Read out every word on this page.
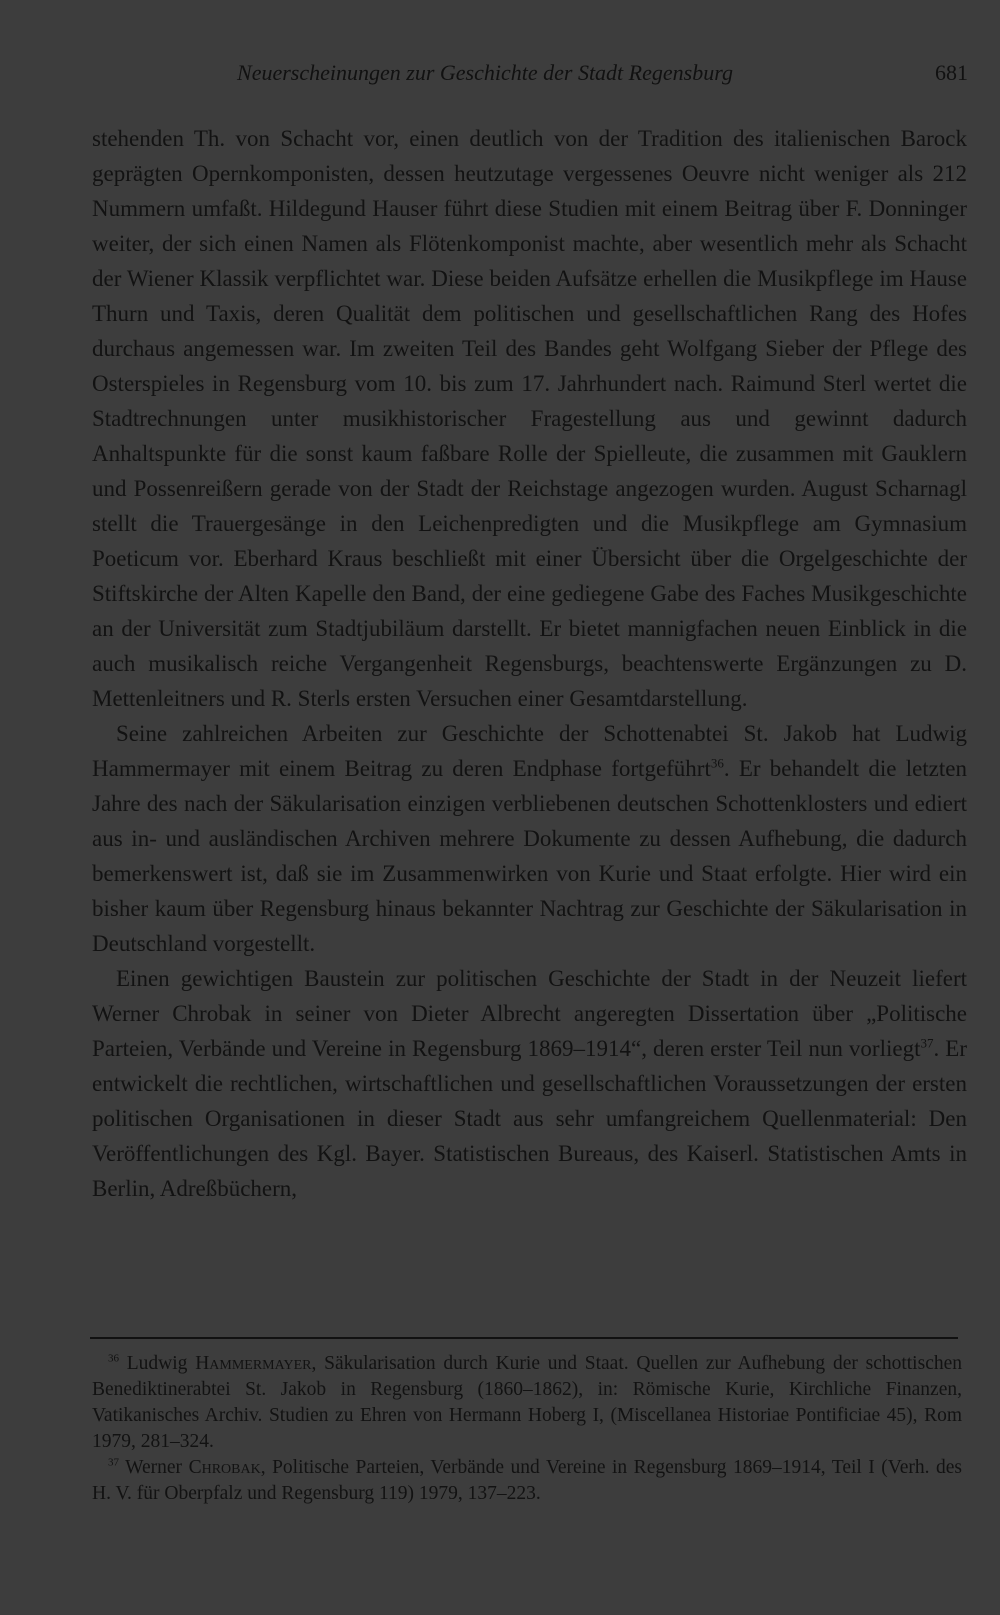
Neuerscheinungen zur Geschichte der Stadt Regensburg	681

stehenden Th. von Schacht vor, einen deutlich von der Tradition des italienischen Barock geprägten Opernkomponisten, dessen heutzutage vergessenes Oeuvre nicht weniger als 212 Nummern umfaßt. Hildegund Hauser führt diese Studien mit einem Beitrag über F. Donninger weiter, der sich einen Namen als Flötenkomponist machte, aber wesentlich mehr als Schacht der Wiener Klassik verpflichtet war. Diese beiden Aufsätze erhellen die Musikpflege im Hause Thurn und Taxis, deren Qualität dem politischen und gesellschaftlichen Rang des Hofes durchaus angemessen war. Im zweiten Teil des Bandes geht Wolfgang Sieber der Pflege des Osterspieles in Regensburg vom 10. bis zum 17. Jahrhundert nach. Raimund Sterl wertet die Stadtrechnungen unter musikhistorischer Fragestellung aus und gewinnt dadurch Anhaltspunkte für die sonst kaum faßbare Rolle der Spielleute, die zusammen mit Gauklern und Possenreißern gerade von der Stadt der Reichstage angezogen wurden. August Scharnagl stellt die Trauergesänge in den Leichenpredigten und die Musikpflege am Gymnasium Poeticum vor. Eberhard Kraus beschließt mit einer Übersicht über die Orgelgeschichte der Stiftskirche der Alten Kapelle den Band, der eine gediegene Gabe des Faches Musikgeschichte an der Universität zum Stadtjubiläum darstellt. Er bietet mannigfachen neuen Einblick in die auch musikalisch reiche Vergangenheit Regensburgs, beachtenswerte Ergänzungen zu D. Mettenleitners und R. Sterls ersten Versuchen einer Gesamtdarstellung.

Seine zahlreichen Arbeiten zur Geschichte der Schottenabtei St. Jakob hat Ludwig Hammermayer mit einem Beitrag zu deren Endphase fortgeführt$^{36}$. Er behandelt die letzten Jahre des nach der Säkularisation einzigen verbliebenen deutschen Schottenklosters und ediert aus in- und ausländischen Archiven mehrere Dokumente zu dessen Aufhebung, die dadurch bemerkenswert ist, daß sie im Zusammenwirken von Kurie und Staat erfolgte. Hier wird ein bisher kaum über Regensburg hinaus bekannter Nachtrag zur Geschichte der Säkularisation in Deutschland vorgestellt.

Einen gewichtigen Baustein zur politischen Geschichte der Stadt in der Neuzeit liefert Werner Chrobak in seiner von Dieter Albrecht angeregten Dissertation über „Politische Parteien, Verbände und Vereine in Regensburg 1869–1914“, deren erster Teil nun vorliegt$^{37}$. Er entwickelt die rechtlichen, wirtschaftlichen und gesellschaftlichen Voraussetzungen der ersten politischen Organisationen in dieser Stadt aus sehr umfangreichem Quellenmaterial: Den Veröffentlichungen des Kgl. Bayer. Statistischen Bureaus, des Kaiserl. Statistischen Amts in Berlin, Adreßbüchern,

$^{36}$ Ludwig Hammermayer, Säkularisation durch Kurie und Staat. Quellen zur Aufhebung der schottischen Benediktinerabtei St. Jakob in Regensburg (1860–1862), in: Römische Kurie, Kirchliche Finanzen, Vatikanisches Archiv. Studien zu Ehren von Hermann Hoberg I, (Miscellanea Historiae Pontificiae 45), Rom 1979, 281–324.

$^{37}$ Werner Chrobak, Politische Parteien, Verbände und Vereine in Regensburg 1869–1914, Teil I (Verh. des H. V. für Oberpfalz und Regensburg 119) 1979, 137–223.
